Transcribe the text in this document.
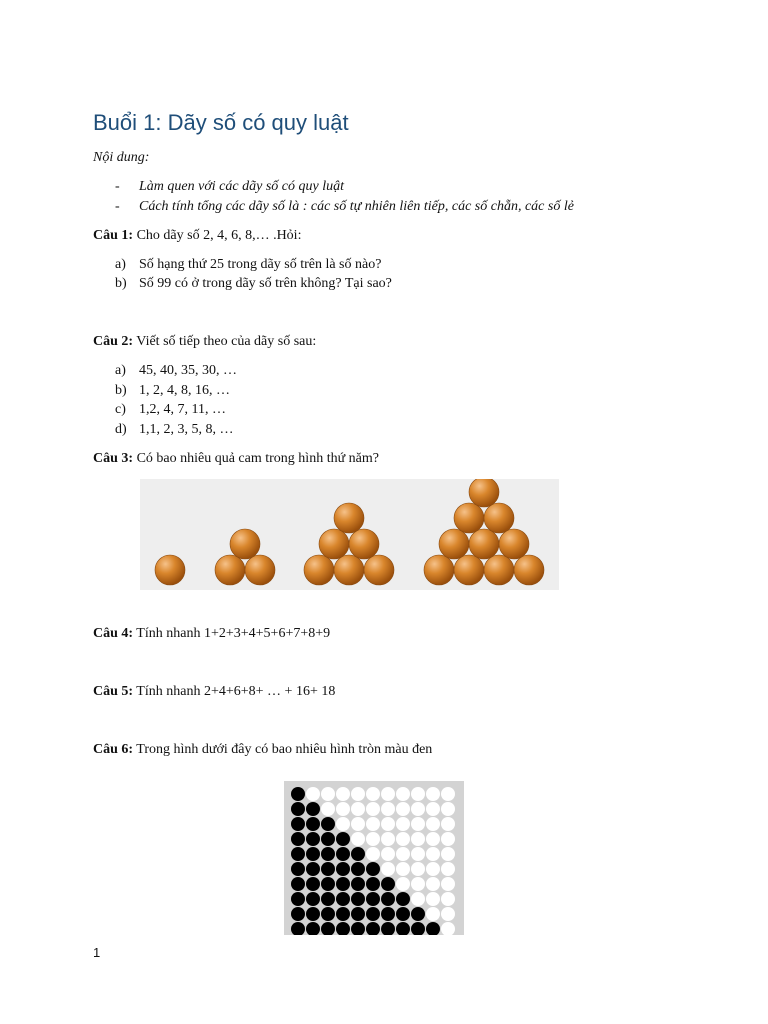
Buổi 1: Dãy số có quy luật
Nội dung:
- Làm quen với các dãy số có quy luật
- Cách tính tổng các dãy số là : các số tự nhiên liên tiếp, các số chẵn, các số lẻ
Câu 1: Cho dãy số 2, 4, 6, 8,… .Hỏi:
a) Số hạng thứ 25 trong dãy số trên là số nào?
b) Số 99 có ở trong dãy số trên không? Tại sao?
Câu 2: Viết số tiếp theo của dãy số sau:
a) 45, 40, 35, 30, …
b) 1, 2, 4, 8, 16, …
c) 1,2, 4, 7, 11, …
d) 1,1, 2, 3, 5, 8, …
Câu 3: Có bao nhiêu quả cam trong hình thứ năm?
Câu 4: Tính nhanh 1+2+3+4+5+6+7+8+9
Câu 5: Tính nhanh 2+4+6+8+ … + 16+ 18
Câu 6: Trong hình dưới đây có bao nhiêu hình tròn màu đen
1
